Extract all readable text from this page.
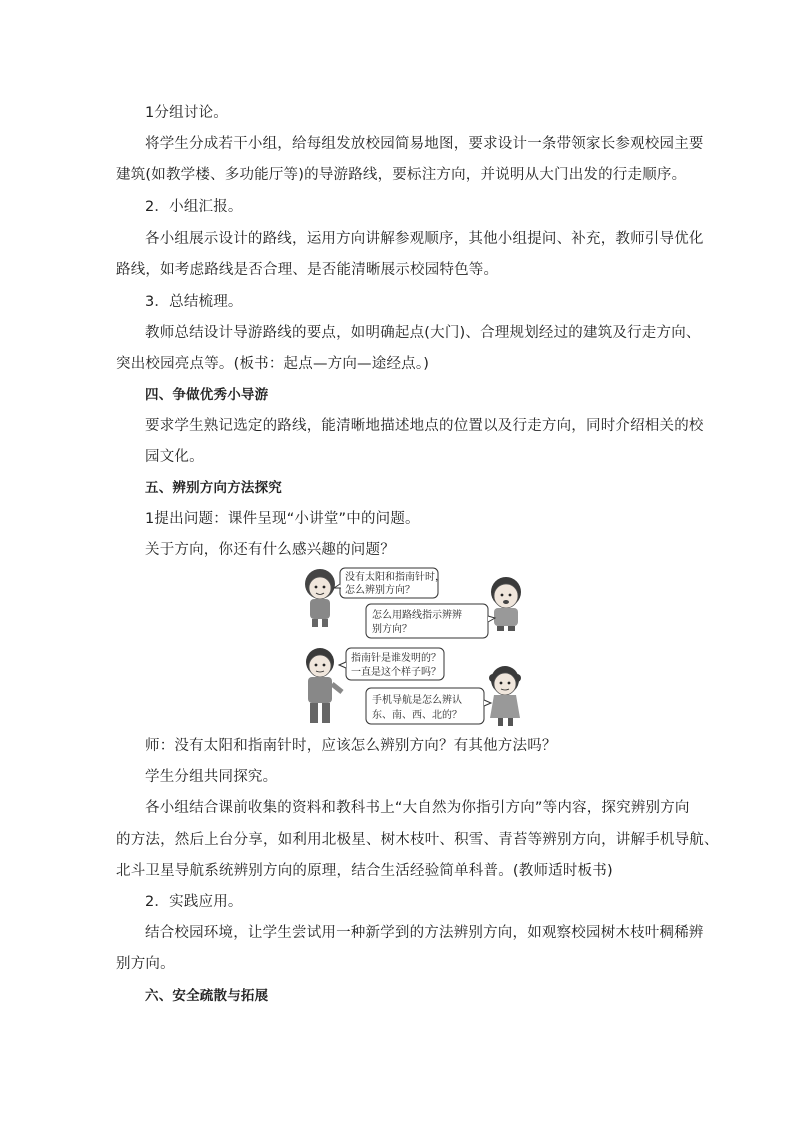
1分组讨论。
将学生分成若干小组，给每组发放校园简易地图，要求设计一条带领家长参观校园主要
建筑(如教学楼、多功能厅等)的导游路线，要标注方向，并说明从大门出发的行走顺序。
2．小组汇报。
各小组展示设计的路线，运用方向讲解参观顺序，其他小组提问、补充，教师引导优化
路线，如考虑路线是否合理、是否能清晰展示校园特色等。
3．总结梳理。
教师总结设计导游路线的要点，如明确起点(大门)、合理规划经过的建筑及行走方向、
突出校园亮点等。(板书：起点—方向—途经点。)
四、争做优秀小导游
要求学生熟记选定的路线，能清晰地描述地点的位置以及行走方向，同时介绍相关的校
园文化。
五、辨别方向方法探究
1提出问题：课件呈现“小讲堂”中的问题。
关于方向，你还有什么感兴趣的问题？
没有太阳和指南针时，
怎么辨别方向？
怎么用路线指示辨辨
别方向？
指南针是谁发明的？
一直是这个样子吗？
手机导航是怎么辨认
东、南、西、北的？
师：没有太阳和指南针时，应该怎么辨别方向？有其他方法吗？
学生分组共同探究。
各小组结合课前收集的资料和教科书上“大自然为你指引方向”等内容，探究辨别方向
的方法，然后上台分享，如利用北极星、树木枝叶、积雪、青苔等辨别方向，讲解手机导航、
北斗卫星导航系统辨别方向的原理，结合生活经验简单科普。(教师适时板书)
2．实践应用。
结合校园环境，让学生尝试用一种新学到的方法辨别方向，如观察校园树木枝叶稠稀辨
别方向。
六、安全疏散与拓展
